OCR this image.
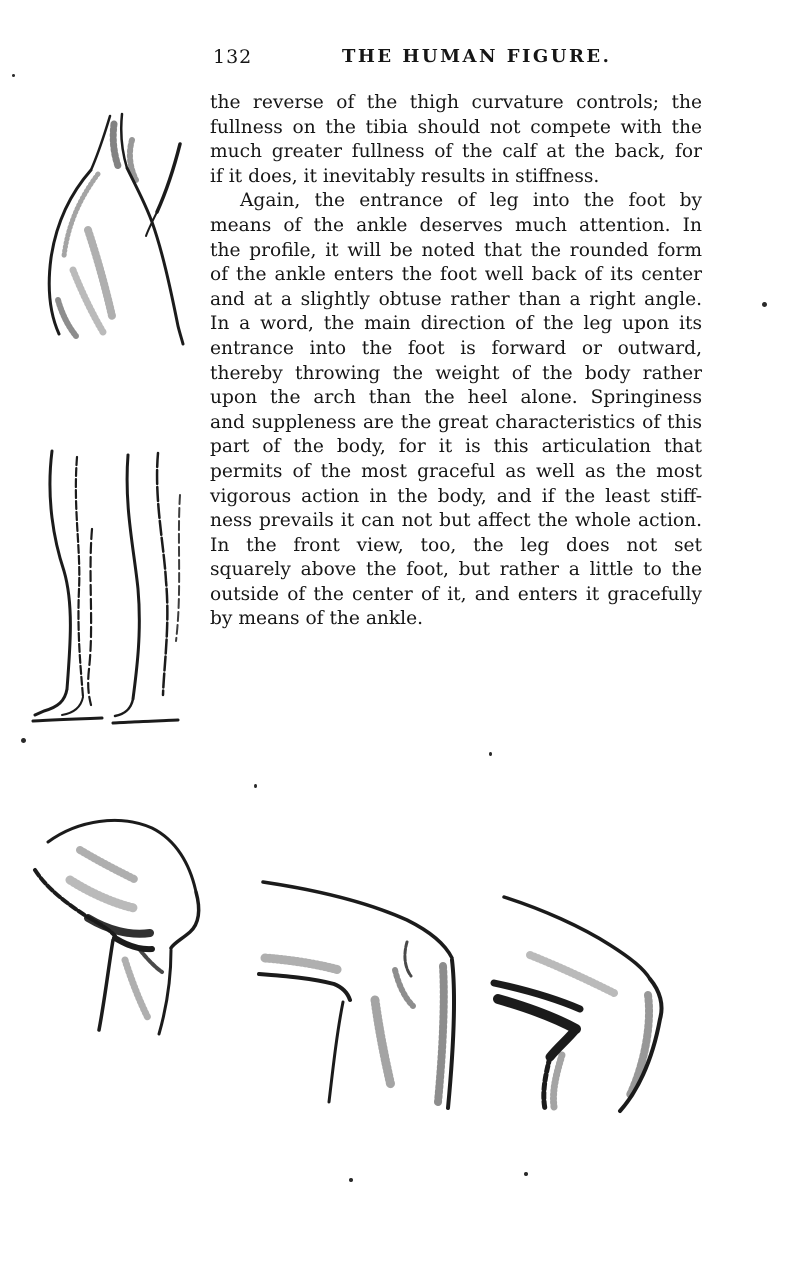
132	THE HUMAN FIGURE.
the reverse of the thigh curvature controls; the
fullness on the tibia should not compete with the
much greater fullness of the calf at the back, for
if it does, it inevitably results in stiffness.
Again, the entrance of leg into the foot by
means of the ankle deserves much attention. In
the profile, it will be noted that the rounded form
of the ankle enters the foot well back of its center
and at a slightly obtuse rather than a right angle.
In a word, the main direction of the leg upon its
entrance into the foot is forward or outward,
thereby throwing the weight of the body rather
upon the arch than the heel alone. Springiness
and suppleness are the great characteristics of this
part of the body, for it is this articulation that
permits of the most graceful as well as the most
vigorous action in the body, and if the least stiff-
ness prevails it can not but affect the whole action.
In the front view, too, the leg does not set
squarely above the foot, but rather a little to the
outside of the center of it, and enters it gracefully
by means of the ankle.
